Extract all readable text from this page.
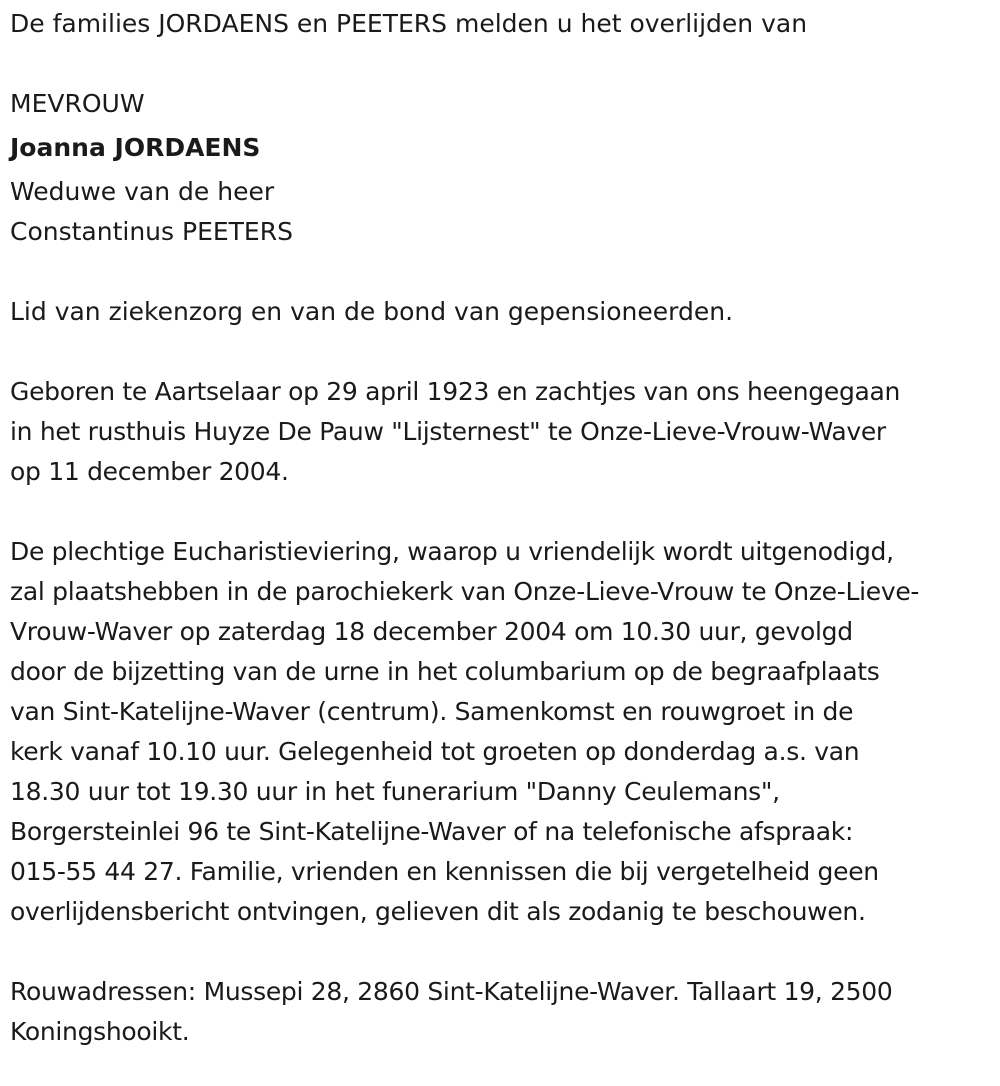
De families JORDAENS en PEETERS melden u het overlijden van
MEVROUW
Joanna JORDAENS
Weduwe van de heer
Constantinus PEETERS
Lid van ziekenzorg en van de bond van gepensioneerden.
Geboren te Aartselaar op 29 april 1923 en zachtjes van ons heengegaan
in het rusthuis Huyze De Pauw "Lijsternest" te Onze-Lieve-Vrouw-Waver
op 11 december 2004.
De plechtige Eucharistieviering, waarop u vriendelijk wordt uitgenodigd,
zal plaatshebben in de parochiekerk van Onze-Lieve-Vrouw te Onze-Lieve-
Vrouw-Waver op zaterdag 18 december 2004 om 10.30 uur, gevolgd
door de bijzetting van de urne in het columbarium op de begraafplaats
van Sint-Katelijne-Waver (centrum). Samenkomst en rouwgroet in de
kerk vanaf 10.10 uur. Gelegenheid tot groeten op donderdag a.s. van
18.30 uur tot 19.30 uur in het funerarium "Danny Ceulemans",
Borgersteinlei 96 te Sint-Katelijne-Waver of na telefonische afspraak:
015-55 44 27. Familie, vrienden en kennissen die bij vergetelheid geen
overlijdensbericht ontvingen, gelieven dit als zodanig te beschouwen.
Rouwadressen: Mussepi 28, 2860 Sint-Katelijne-Waver. Tallaart 19, 2500
Koningshooikt.
